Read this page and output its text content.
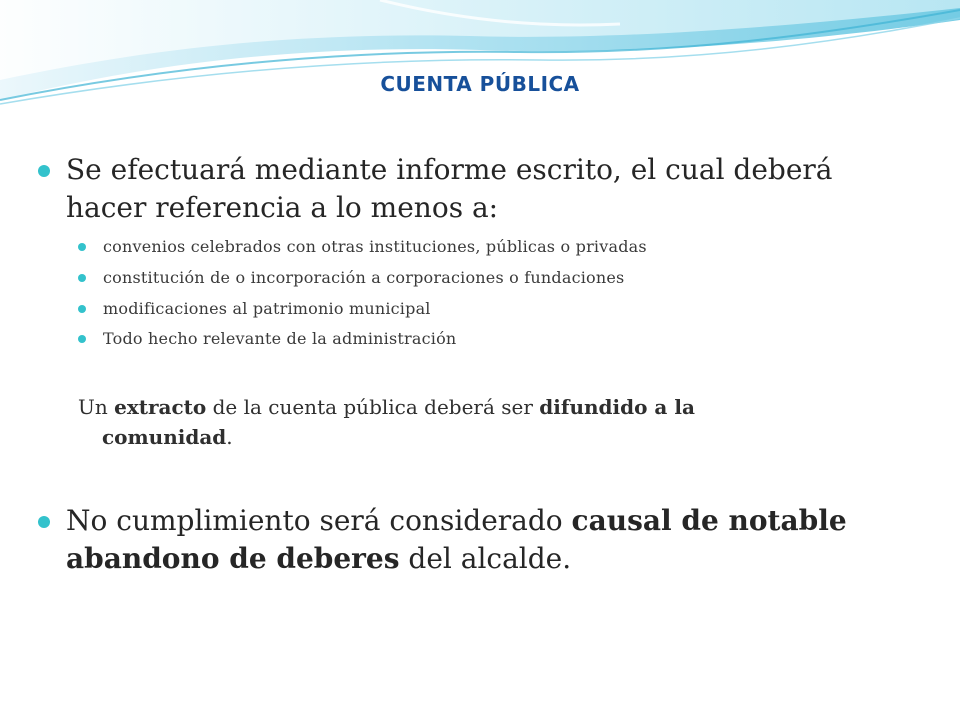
CUENTA PÚBLICA
Se efectuará mediante informe escrito, el cual deberá
hacer referencia a lo menos a:
convenios celebrados con otras instituciones, públicas o privadas
constitución de o incorporación a corporaciones o fundaciones
modificaciones al patrimonio municipal
Todo hecho relevante de la administración
Un extracto de la cuenta pública deberá ser difundido a la
comunidad.
No cumplimiento será considerado causal de notable
abandono de deberes del alcalde.
